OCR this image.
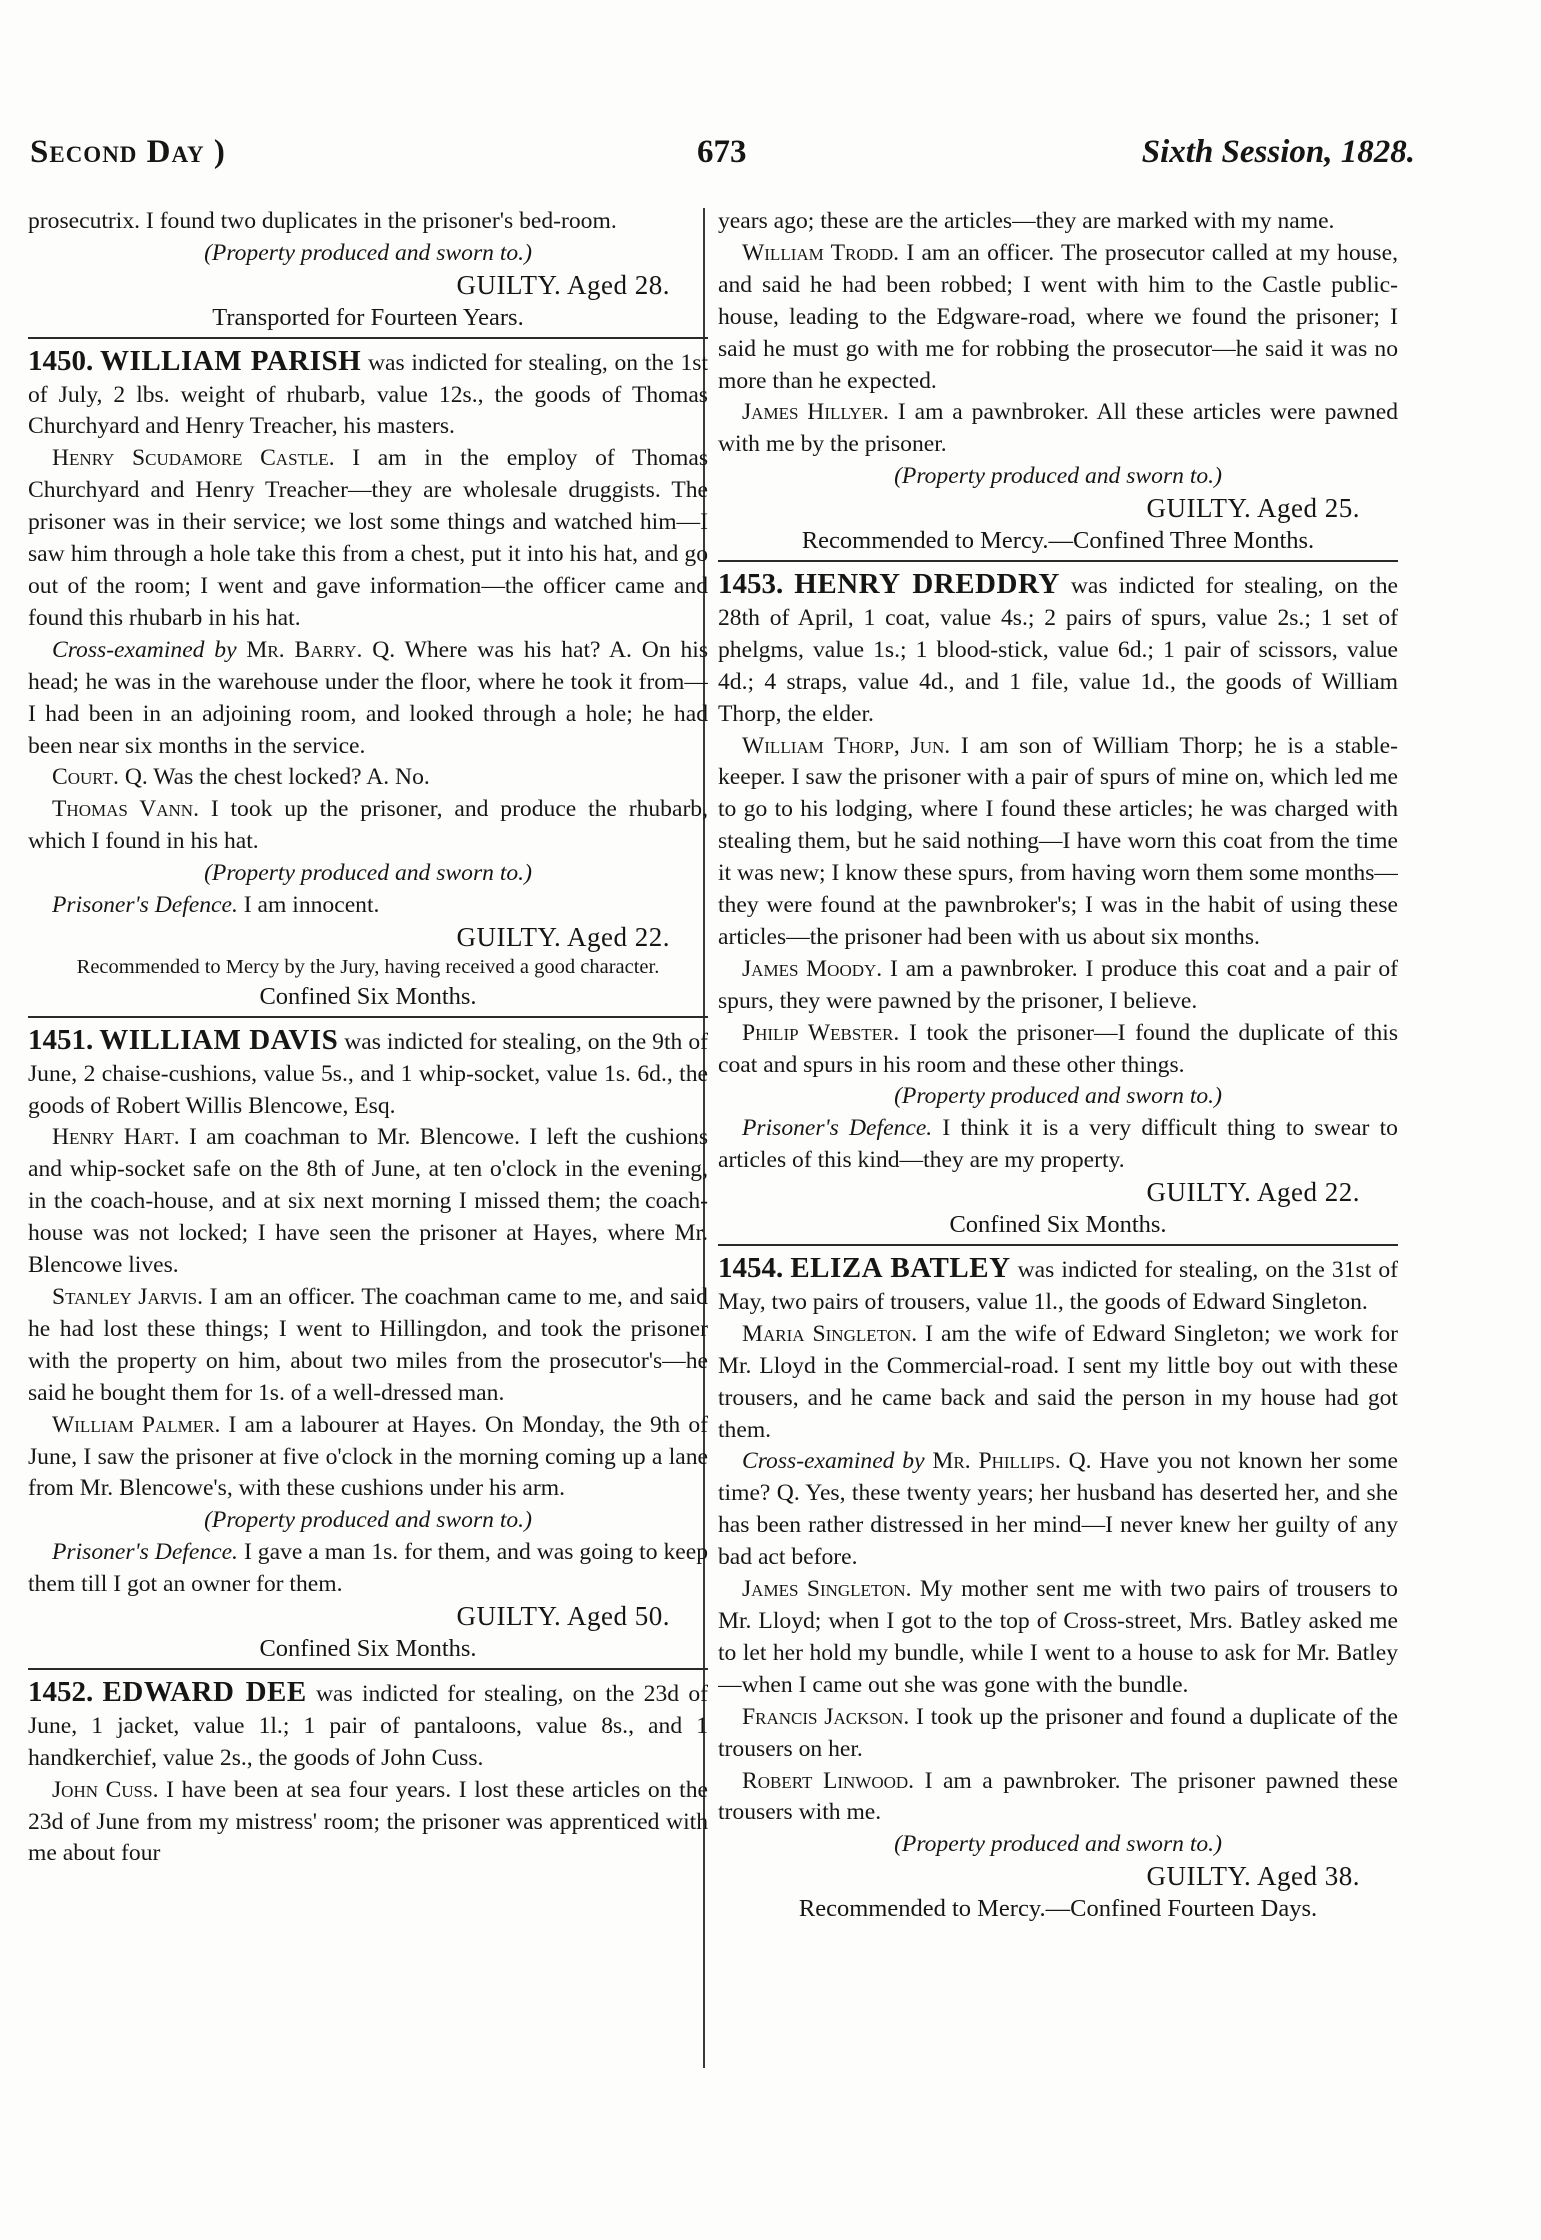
Second Day )	673	Sixth Session, 1828.

prosecutrix. I found two duplicates in the prisoner's bed-room.

(Property produced and sworn to.)

GUILTY. Aged 28.

Transported for Fourteen Years.

1450. WILLIAM PARISH was indicted for stealing, on the 1st of July, 2 lbs. weight of rhubarb, value 12s., the goods of Thomas Churchyard and Henry Treacher, his masters.

Henry Scudamore Castle. I am in the employ of Thomas Churchyard and Henry Treacher—they are wholesale druggists. The prisoner was in their service; we lost some things and watched him—I saw him through a hole take this from a chest, put it into his hat, and go out of the room; I went and gave information—the officer came and found this rhubarb in his hat.

Cross-examined by Mr. Barry. Q. Where was his hat? A. On his head; he was in the warehouse under the floor, where he took it from—I had been in an adjoining room, and looked through a hole; he had been near six months in the service.

Court. Q. Was the chest locked? A. No.

Thomas Vann. I took up the prisoner, and produce the rhubarb, which I found in his hat.

(Property produced and sworn to.)

Prisoner's Defence. I am innocent.

GUILTY. Aged 22.

Recommended to Mercy by the Jury, having received a good character.

Confined Six Months.

1451. WILLIAM DAVIS was indicted for stealing, on the 9th of June, 2 chaise-cushions, value 5s., and 1 whip-socket, value 1s. 6d., the goods of Robert Willis Blencowe, Esq.

Henry Hart. I am coachman to Mr. Blencowe. I left the cushions and whip-socket safe on the 8th of June, at ten o'clock in the evening, in the coach-house, and at six next morning I missed them; the coach-house was not locked; I have seen the prisoner at Hayes, where Mr. Blencowe lives.

Stanley Jarvis. I am an officer. The coachman came to me, and said he had lost these things; I went to Hillingdon, and took the prisoner with the property on him, about two miles from the prosecutor's—he said he bought them for 1s. of a well-dressed man.

William Palmer. I am a labourer at Hayes. On Monday, the 9th of June, I saw the prisoner at five o'clock in the morning coming up a lane from Mr. Blencowe's, with these cushions under his arm.

(Property produced and sworn to.)

Prisoner's Defence. I gave a man 1s. for them, and was going to keep them till I got an owner for them.

GUILTY. Aged 50.

Confined Six Months.

1452. EDWARD DEE was indicted for stealing, on the 23d of June, 1 jacket, value 1l.; 1 pair of pantaloons, value 8s., and 1 handkerchief, value 2s., the goods of John Cuss.

John Cuss. I have been at sea four years. I lost these articles on the 23d of June from my mistress' room; the prisoner was apprenticed with me about four

years ago; these are the articles—they are marked with my name.

William Trodd. I am an officer. The prosecutor called at my house, and said he had been robbed; I went with him to the Castle public-house, leading to the Edgware-road, where we found the prisoner; I said he must go with me for robbing the prosecutor—he said it was no more than he expected.

James Hillyer. I am a pawnbroker. All these articles were pawned with me by the prisoner.

(Property produced and sworn to.)

GUILTY. Aged 25.

Recommended to Mercy.—Confined Three Months.

1453. HENRY DREDDRY was indicted for stealing, on the 28th of April, 1 coat, value 4s.; 2 pairs of spurs, value 2s.; 1 set of phelgms, value 1s.; 1 blood-stick, value 6d.; 1 pair of scissors, value 4d.; 4 straps, value 4d., and 1 file, value 1d., the goods of William Thorp, the elder.

William Thorp, Jun. I am son of William Thorp; he is a stable-keeper. I saw the prisoner with a pair of spurs of mine on, which led me to go to his lodging, where I found these articles; he was charged with stealing them, but he said nothing—I have worn this coat from the time it was new; I know these spurs, from having worn them some months—they were found at the pawnbroker's; I was in the habit of using these articles—the prisoner had been with us about six months.

James Moody. I am a pawnbroker. I produce this coat and a pair of spurs, they were pawned by the prisoner, I believe.

Philip Webster. I took the prisoner—I found the duplicate of this coat and spurs in his room and these other things.

(Property produced and sworn to.)

Prisoner's Defence. I think it is a very difficult thing to swear to articles of this kind—they are my property.

GUILTY. Aged 22.

Confined Six Months.

1454. ELIZA BATLEY was indicted for stealing, on the 31st of May, two pairs of trousers, value 1l., the goods of Edward Singleton.

Maria Singleton. I am the wife of Edward Singleton; we work for Mr. Lloyd in the Commercial-road. I sent my little boy out with these trousers, and he came back and said the person in my house had got them.

Cross-examined by Mr. Phillips. Q. Have you not known her some time? Q. Yes, these twenty years; her husband has deserted her, and she has been rather distressed in her mind—I never knew her guilty of any bad act before.

James Singleton. My mother sent me with two pairs of trousers to Mr. Lloyd; when I got to the top of Cross-street, Mrs. Batley asked me to let her hold my bundle, while I went to a house to ask for Mr. Batley—when I came out she was gone with the bundle.

Francis Jackson. I took up the prisoner and found a duplicate of the trousers on her.

Robert Linwood. I am a pawnbroker. The prisoner pawned these trousers with me.

(Property produced and sworn to.)

GUILTY. Aged 38.

Recommended to Mercy.—Confined Fourteen Days.
